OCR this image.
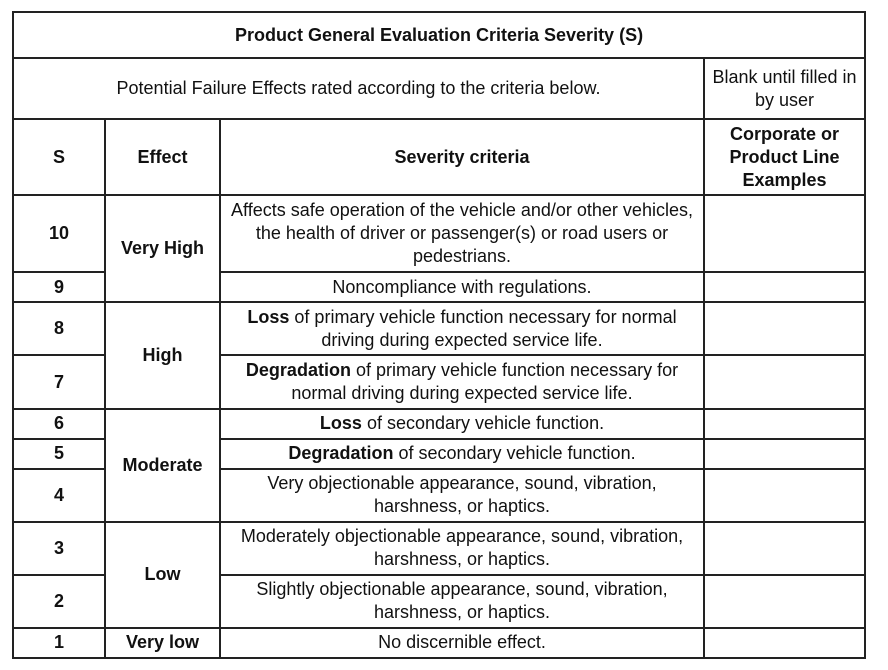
Product General Evaluation Criteria Severity (S)			
Potential Failure Effects rated according to the criteria below.			Blank until filled in by user
S	Effect	Severity criteria	Corporate or Product Line Examples
10	Very High	Affects safe operation of the vehicle and/or other vehicles, the health of driver or passenger(s) or road users or pedestrians.	
9		Noncompliance with regulations.	
8	High	Loss of primary vehicle function necessary for normal driving during expected service life.	
7		Degradation of primary vehicle function necessary for normal driving during expected service life.	
6	Moderate	Loss of secondary vehicle function.	
5		Degradation of secondary vehicle function.	
4		Very objectionable appearance, sound, vibration, harshness, or haptics.	
3	Low	Moderately objectionable appearance, sound, vibration, harshness, or haptics.	
2		Slightly objectionable appearance, sound, vibration, harshness, or haptics.	
1	Very low	No discernible effect.	
